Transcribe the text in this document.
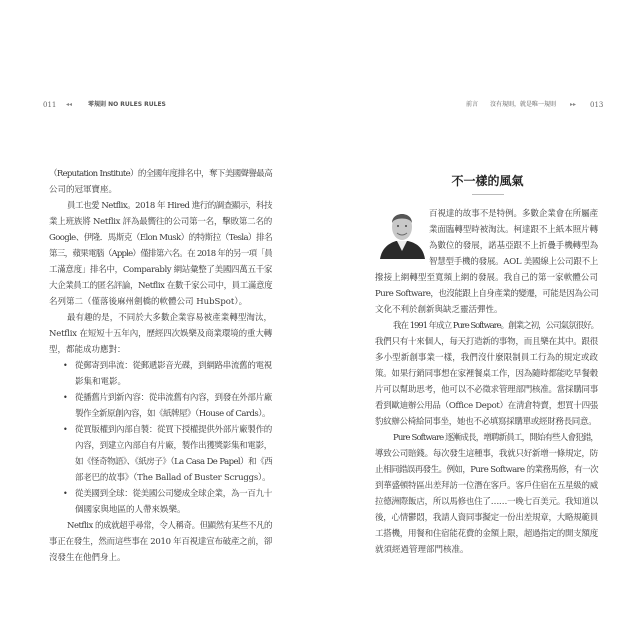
011 ◂◂	零規則 NO RULES RULES	前言 沒有規則，就是唯一規則 ▸▸ 013
（Reputation Institute）的全國年度排名中，奪下美國聲譽最高
公司的冠軍寶座。
員工也愛 Netflix。2018 年 Hired 進行的調查顯示，科技
業上班族將 Netflix 評為最嚮往的公司第一名，擊敗第二名的
Google、伊隆．馬斯克（Elon Musk）的特斯拉（Tesla）排名
第三，蘋果電腦（Apple）僅排第六名。在 2018 年的另一項「員
工滿意度」排名中，Comparably 網站彙整了美國四萬五千家
大企業員工的匿名評論，Netflix 在數千家公司中，員工滿意度
名列第二（僅落後麻州劍橋的軟體公司 HubSpot）。
最有趣的是，不同於大多數企業容易被產業轉型淘汰，
Netflix 在短短十五年內，歷經四次娛樂及商業環境的重大轉
型，都能成功應對：
• 從郵寄到串流：從郵遞影音光碟，到網路串流舊的電視
影集和電影。
• 從播舊片到新內容：從串流舊有內容，到發在外部片廠
製作全新原創內容，如《紙牌屋》（House of Cards）。
• 從買版權到內部自製：從買下授權提供外部片廠製作的
內容，到建立內部自有片廠，製作出獲獎影集和電影，
如《怪奇物語》、《紙房子》（La Casa De Papel）和《西
部老巴的故事》（The Ballad of Buster Scruggs）。
• 從美國到全球：從美國公司變成全球企業，為一百九十
個國家與地區的人帶來娛樂。
Netflix 的成就超乎尋常，令人稱奇。但顯然有某些不凡的
事正在發生，然而這些事在 2010 年百視達宣布破產之前，卻
沒發生在他們身上。
不一樣的風氣
百視達的故事不是特例。多數企業會在所屬產
業面臨轉型時被淘汰。柯達跟不上紙本照片轉
為數位的發展，諾基亞跟不上折疊手機轉型為
智慧型手機的發展。AOL 美國線上公司跟不上
撥接上網轉型至寬頻上網的發展。我自己的第一家軟體公司
Pure Software，也沒能跟上自身產業的變遷，可能是因為公司
文化不利於創新與缺乏靈活彈性。
我在 1991 年成立 Pure Software。創業之初，公司氣氛很好。
我們只有十來個人，每天打造新的事物，而且樂在其中。跟很
多小型新創事業一樣，我們沒什麼限制員工行為的規定或政
策。如果行銷同事想在家裡餐桌工作，因為隨時都能吃早餐穀
片可以幫助思考，他可以不必徵求管理部門核准。當採購同事
看到歐迪辦公用品（Office Depot）在清倉特賣，想買十四張
豹紋辦公椅給同事坐，她也不必填寫採購單或經財務長同意。
Pure Software 逐漸成長，增聘新員工，開始有些人會犯錯，
導致公司賠錢。每次發生這種事，我就只好新增一條規定，防
止相同錯誤再發生。例如，Pure Software 的業務馬修，有一次
到華盛頓特區出差拜訪一位潛在客戶。客戶住宿在五星級的威
拉德洲際飯店，所以馬修也住了……一晚七百美元。我知道以
後，心情鬱悶，我請人資同事擬定一份出差規章，大略規範員
工搭機，用餐和住宿能花費的金額上限，超過指定的開支額度
就須經過管理部門核准。
